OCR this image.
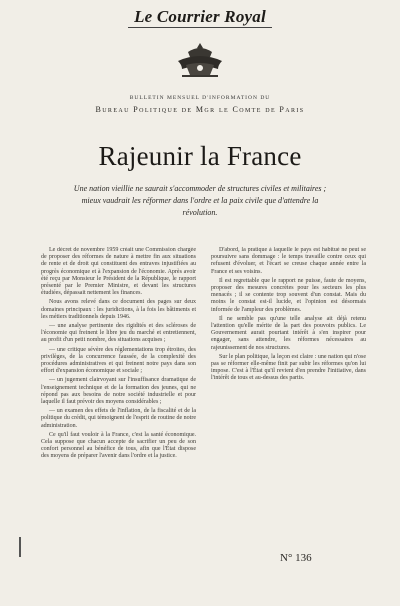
Le Courrier Royal
BULLETIN MENSUEL D'INFORMATION DU
Bureau Politique de Mgr le Comte de Paris
Rajeunir la France
Une nation vieillie ne saurait s'accommoder de structures civiles et militaires ; mieux vaudrait les réformer dans l'ordre et la paix civile que d'attendre la révolution.

Le décret de novembre 1959 créait une Commission chargée de proposer des réformes de nature à mettre fin aux situations de rente et de droit qui constituent des entraves injustifiées au progrès économique et à l'expansion de l'économie. Après avoir été reçu par Monsieur le Président de la République, le rapport présenté par le Premier Ministre, et devant les structures étudiées, dépassait nettement les finances.

Nous avons relevé dans ce document des pages sur deux domaines principaux : les juridictions, à la fois les bâtiments et les métiers traditionnels depuis 1946.

— une analyse pertinente des rigidités et des scléroses de l'économie qui freinent le libre jeu du marché et entretiennent, au profit d'un petit nombre, des situations acquises ;

— une critique sévère des réglementations trop étroites, des privilèges, de la concurrence faussée, de la complexité des procédures administratives et qui freinent notre pays dans son effort d'expansion économique et sociale ;

— un jugement clairvoyant sur l'insuffisance dramatique de l'enseignement technique et de la formation des jeunes, qui ne répond pas aux besoins de notre société industrielle et pour laquelle il faut prévoir des moyens considérables ;

— un examen des effets de l'inflation, de la fiscalité et de la politique du crédit, qui témoignent de l'esprit de routine de notre administration.

Ce qu'il faut vouloir à la France, c'est la santé économique. Cela suppose que chacun accepte de sacrifier un peu de son confort personnel au bénéfice de tous, afin que l'État dispose des moyens de préparer l'avenir dans l'ordre et la justice.

D'abord, la pratique à laquelle le pays est habitué ne peut se poursuivre sans dommage : le temps travaille contre ceux qui refusent d'évoluer, et l'écart se creuse chaque année entre la France et ses voisins.

Il est regrettable que le rapport ne puisse, faute de moyens, proposer des mesures concrètes pour les secteurs les plus menacés ; il se contente trop souvent d'un constat. Mais du moins le constat est-il lucide, et l'opinion est désormais informée de l'ampleur des problèmes.

Il ne semble pas qu'une telle analyse ait déjà retenu l'attention qu'elle mérite de la part des pouvoirs publics. Le Gouvernement aurait pourtant intérêt à s'en inspirer pour engager, sans attendre, les réformes nécessaires au rajeunissement de nos structures.

Sur le plan politique, la leçon est claire : une nation qui n'ose pas se réformer elle-même finit par subir les réformes qu'on lui impose. C'est à l'État qu'il revient d'en prendre l'initiative, dans l'intérêt de tous et au-dessus des partis.

N° 136
